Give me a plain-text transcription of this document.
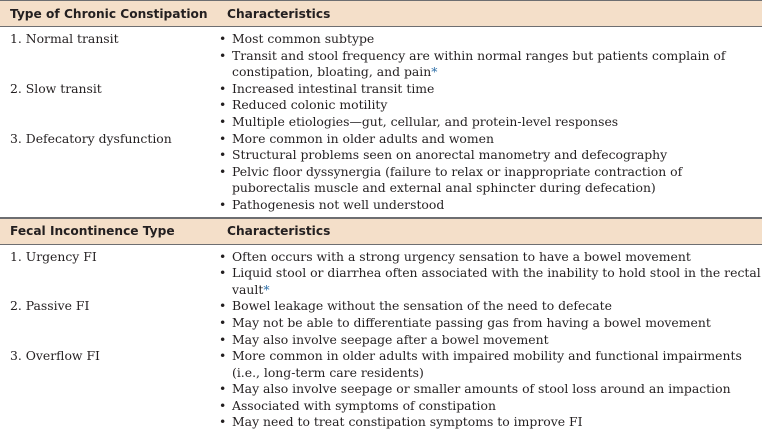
Type of Chronic Constipation	Characteristics
1. Normal transit	• Most common subtype
• Transit and stool frequency are within normal ranges but patients complain of constipation, bloating, and pain*
2. Slow transit	• Increased intestinal transit time
• Reduced colonic motility
• Multiple etiologies—gut, cellular, and protein-level responses
3. Defecatory dysfunction	• More common in older adults and women
• Structural problems seen on anorectal manometry and defecography
• Pelvic floor dyssynergia (failure to relax or inappropriate contraction of puborectalis muscle and external anal sphincter during defecation)
• Pathogenesis not well understood
Fecal Incontinence Type	Characteristics
1. Urgency FI	• Often occurs with a strong urgency sensation to have a bowel movement
• Liquid stool or diarrhea often associated with the inability to hold stool in the rectal vault*
2. Passive FI	• Bowel leakage without the sensation of the need to defecate
• May not be able to differentiate passing gas from having a bowel movement
• May also involve seepage after a bowel movement
3. Overflow FI	• More common in older adults with impaired mobility and functional impairments (i.e., long-term care residents)
• May also involve seepage or smaller amounts of stool loss around an impaction
• Associated with symptoms of constipation
• May need to treat constipation symptoms to improve FI
